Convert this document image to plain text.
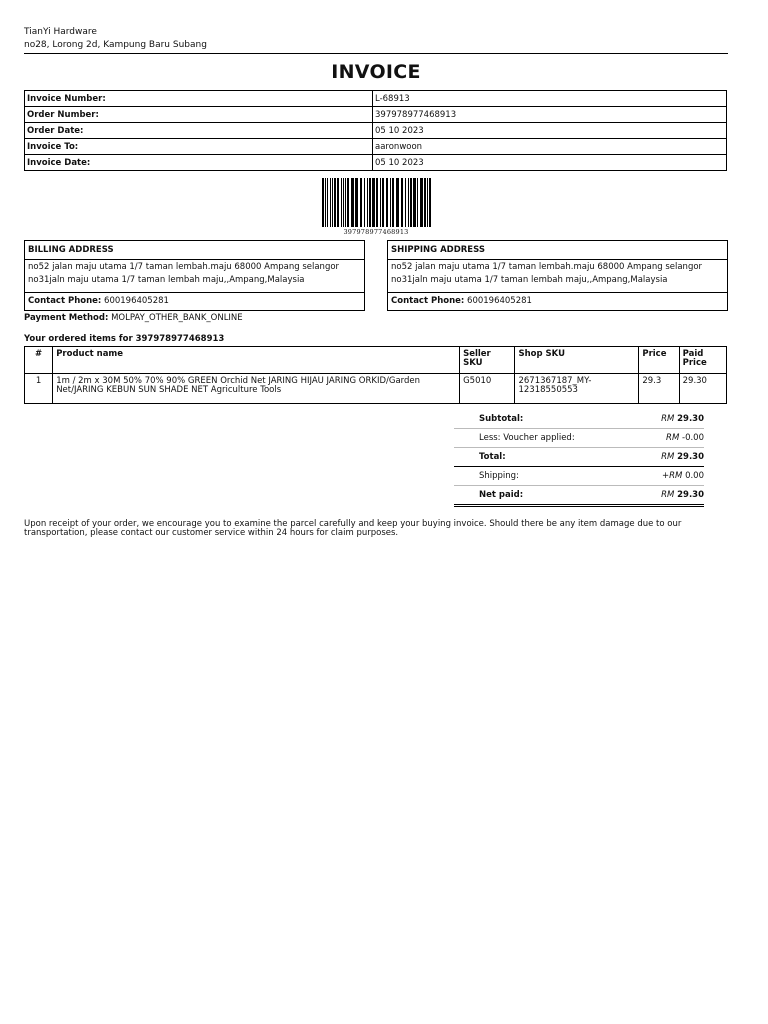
TianYi Hardware
no28, Lorong 2d, Kampung Baru Subang
INVOICE
Invoice Number:	L-68913
Order Number:	397978977468913
Order Date:	05 10 2023
Invoice To:	aaronwoon
Invoice Date:	05 10 2023
397978977468913
BILLING ADDRESS
no52 jalan maju utama 1/7 taman lembah.maju 68000 Ampang selangor no31jaln maju utama 1/7 taman lembah maju,,Ampang,Malaysia
Contact Phone: 600196405281
SHIPPING ADDRESS
no52 jalan maju utama 1/7 taman lembah.maju 68000 Ampang selangor no31jaln maju utama 1/7 taman lembah maju,,Ampang,Malaysia
Contact Phone: 600196405281
Payment Method: MOLPAY_OTHER_BANK_ONLINE
Your ordered items for 397978977468913
#	Product name	Seller SKU	Shop SKU	Price	Paid Price
1	1m / 2m x 30M 50% 70% 90% GREEN Orchid Net JARING HIJAU JARING ORKID/Garden Net/JARING KEBUN SUN SHADE NET Agriculture Tools	G5010	2671367187_MY-12318550553	29.3	29.30
Subtotal:	RM 29.30
Less: Voucher applied:	RM -0.00
Total:	RM 29.30
Shipping:	+RM 0.00
Net paid:	RM 29.30
Upon receipt of your order, we encourage you to examine the parcel carefully and keep your buying invoice. Should there be any item damage due to our transportation, please contact our customer service within 24 hours for claim purposes.
